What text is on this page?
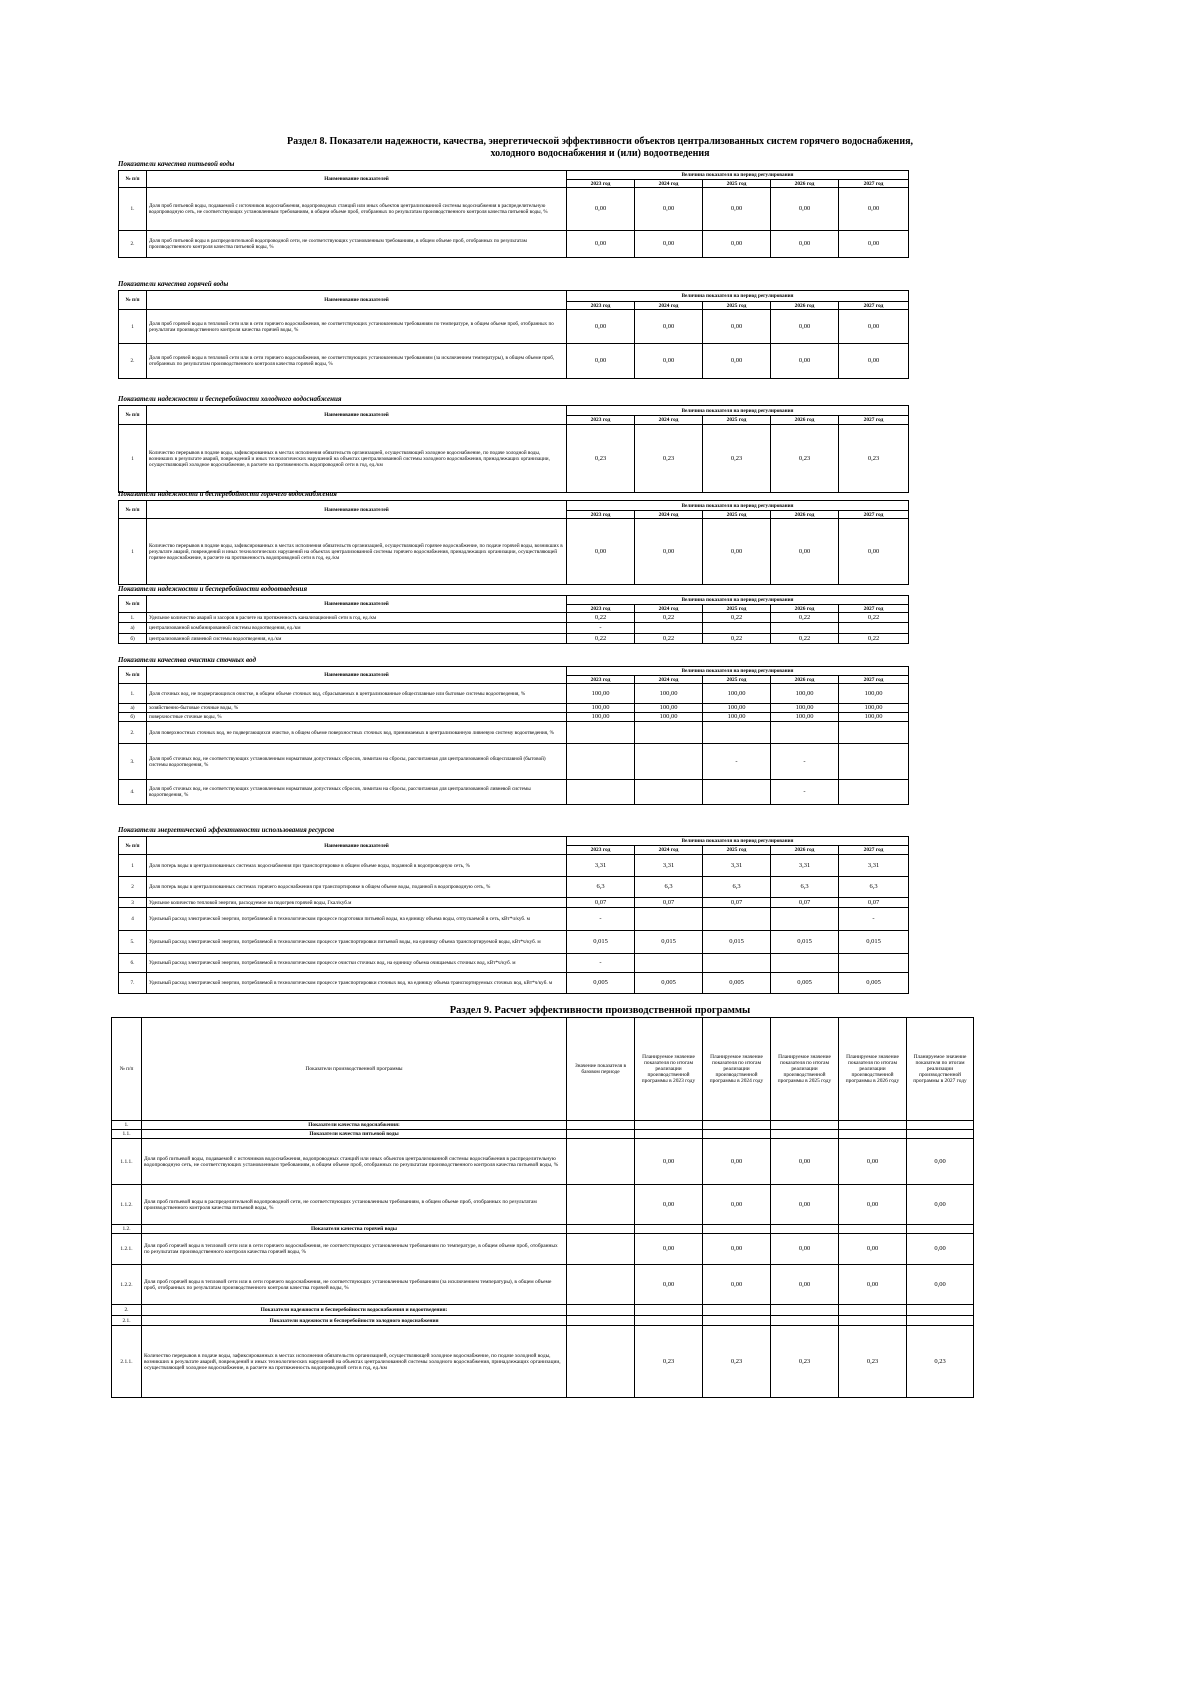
Раздел 8. Показатели надежности, качества, энергетической эффективности объектов централизованных систем горячего водоснабжения,
холодного водоснабжения и (или) водоотведения
Показатели качества питьевой воды
№ п/п	Наименование показателей	Величина показателя на период регулирования				
		2023 год	2024 год	2025 год	2026 год	2027 год
1.	Доля проб питьевой воды, подаваемой с источников водоснабжения, водопроводных станций или иных объектов централизованной системы водоснабжения в распределительную водопроводную сеть, не соответствующих установленным требованиям, в общем объеме проб, отобранных по результатам производственного контроля качества питьевой воды, %	0,00	0,00	0,00	0,00	0,00
2.	Доля проб питьевой воды в распределительной водопроводной сети, не соответствующих установленным требованиям, в общем объеме проб, отобранных по результатам производственного контроля качества питьевой воды, %	0,00	0,00	0,00	0,00	0,00
Показатели качества горячей воды
№ п/п	Наименование показателей	Величина показателя на период регулирования				
		2023 год	2024 год	2025 год	2026 год	2027 год
1	Доля проб горячей воды в тепловой сети или в сети горячего водоснабжения, не соответствующих установленным требованиям по температуре, в общем объеме проб, отобранных по результатам производственного контроля качества горячей воды, %	0,00	0,00	0,00	0,00	0,00
2.	Доля проб горячей воды в тепловой сети или в сети горячего водоснабжения, не соответствующих установленным требованиям (за исключением температуры), в общем объеме проб, отобранных по результатам производственного контроля качества горячей воды, %	0,00	0,00	0,00	0,00	0,00
Показатели надежности и бесперебойности холодного водоснабжения
№ п/п	Наименование показателей	Величина показателя на период регулирования				
		2023 год	2024 год	2025 год	2026 год	2027 год
1	Количество перерывов в подаче воды, зафиксированных в местах исполнения обязательств организацией, осуществляющей холодное водоснабжение, по подаче холодной воды, возникших в результате аварий, повреждений и иных технологических нарушений на объектах централизованной системы холодного водоснабжения, принадлежащих организации, осуществляющей холодное водоснабжение, в расчете на протяженность водопроводной сети в год, ед./км	0,23	0,23	0,23	0,23	0,23
Показатели надежности и бесперебойности горячего водоснабжения
№ п/п	Наименование показателей	Величина показателя на период регулирования				
		2023 год	2024 год	2025 год	2026 год	2027 год
1	Количество перерывов в подаче воды, зафиксированных в местах исполнения обязательств организацией, осуществляющей горячее водоснабжение, по подаче горячей воды, возникших в результате аварий, повреждений и иных технологических нарушений на объектах централизованной системы горячего водоснабжения, принадлежащих организации, осуществляющей горячее водоснабжение, в расчете на протяженность водопроводной сети в год, ед./км	0,00	0,00	0,00	0,00	0,00
Показатели надежности и бесперебойности водоотведения
№ п/п	Наименование показателей	Величина показателя на период регулирования				
		2023 год	2024 год	2025 год	2026 год	2027 год
1.	Удельное количество аварий и засоров в расчете на протяженность канализационной сети в год, ед./км	0,22	0,22	0,22	0,22	0,22
а)	централизованной комбинированной системы водоотведения, ед./км	-				
б)	централизованной ливневой системы водоотведения, ед./км	0,22	0,22	0,22	0,22	0,22
Показатели качества очистки сточных вод
№ п/п	Наименование показателей	Величина показателя на период регулирования				
		2023 год	2024 год	2025 год	2026 год	2027 год
1.	Доля сточных вод, не подвергающихся очистке, в общем объеме сточных вод, сбрасываемых в централизованные общесплавные или бытовые системы водоотведения, %	100,00	100,00	100,00	100,00	100,00
а)	хозяйственно-бытовые сточные воды, %	100,00	100,00	100,00	100,00	100,00
б)	поверхностные сточные воды, %	100,00	100,00	100,00	100,00	100,00
2.	Доля поверхностных сточных вод, не подвергающихся очистке, в общем объеме поверхностных сточных вод, принимаемых в централизованную ливневую систему водоотведения, %					
3.	Доля проб сточных вод, не соответствующих установленным нормативам допустимых сбросов, лимитам на сбросы, рассчитанная для централизованной общесплавной (бытовой) системы водоотведения, %			-	-	
4.	Доля проб сточных вод, не соответствующих установленным нормативам допустимых сбросов, лимитам на сбросы, рассчитанная для централизованной ливневой системы водоотведения, %				-	
Показатели энергетической эффективности использования ресурсов
№ п/п	Наименование показателей	Величина показателя на период регулирования				
		2023 год	2024 год	2025 год	2026 год	2027 год
1	Доля потерь воды в централизованных системах водоснабжения при транспортировке в общем объеме воды, поданной в водопроводную сеть, %	3,31	3,31	3,31	3,31	3,31
2	Доля потерь воды в централизованных системах горячего водоснабжения при транспортировке в общем объеме воды, поданной в водопроводную сеть, %	6,3	6,3	6,3	6,3	6,3
3	Удельное количество тепловой энергии, расходуемое на подогрев горячей воды, Гкал/куб.м	0,07	0,07	0,07	0,07	0,07
4	Удельный расход электрической энергии, потребляемой в технологическом процессе подготовки питьевой воды, на единицу объема воды, отпускаемой в сеть, кВт*ч/куб. м	-				-
5.	Удельный расход электрической энергии, потребляемой в технологическом процессе транспортировки питьевой воды, на единицу объема транспортируемой воды, кВт*ч/куб. м	0,015	0,015	0,015	0,015	0,015
6.	Удельный расход электрической энергии, потребляемой в технологическом процессе очистки сточных вод, на единицу объема очищаемых сточных вод, кВт*ч/куб. м	-				
7.	Удельный расход электрической энергии, потребляемой в технологическом процессе транспортировки сточных вод, на единицу объема транспортируемых сточных вод, кВт*ч/куб. м	0,005	0,005	0,005	0,005	0,005
Раздел 9. Расчет эффективности производственной программы
№ п/п	Показатели производственной программы	Значение показателя в базовом периоде	Планируемое значение показателя по итогам реализации производственной программы в 2023 году	Планируемое значение показателя по итогам реализации производственной программы в 2024 году	Планируемое значение показателя по итогам реализации производственной программы в 2025 году	Планируемое значение показателя по итогам реализации производственной программы в 2026 году	Планируемое значение показателя по итогам реализации производственной программы в 2027 году
1.	Показатели качества водоснабжения:						
1.1.	Показатели качества питьевой воды						
1.1.1.	Доля проб питьевой воды, подаваемой с источников водоснабжения, водопроводных станций или иных объектов централизованной системы водоснабжения в распределительную водопроводную сеть, не соответствующих установленным требованиям, в общем объеме проб, отобранных по результатам производственного контроля качества питьевой воды, %		0,00	0,00	0,00	0,00	0,00
1.1.2.	Доля проб питьевой воды в распределительной водопроводной сети, не соответствующих установленным требованиям, в общем объеме проб, отобранных по результатам производственного контроля качества питьевой воды, %		0,00	0,00	0,00	0,00	0,00
1.2.	Показатели качества горячей воды						
1.2.1.	Доля проб горячей воды в тепловой сети или в сети горячего водоснабжения, не соответствующих установленным требованиям по температуре, в общем объеме проб, отобранных по результатам производственного контроля качества горячей воды, %		0,00	0,00	0,00	0,00	0,00
1.2.2.	Доля проб горячей воды в тепловой сети или в сети горячего водоснабжения, не соответствующих установленным требованиям (за исключением температуры), в общем объеме проб, отобранных по результатам производственного контроля качества горячей воды, %		0,00	0,00	0,00	0,00	0,00
2.	Показатели надежности и бесперебойности водоснабжения и водоотведения:						
2.1.	Показатели надежности и бесперебойности холодного водоснабжения						
2.1.1.	Количество перерывов в подаче воды, зафиксированных в местах исполнения обязательств организацией, осуществляющей холодное водоснабжение, по подаче холодной воды, возникших в результате аварий, повреждений и иных технологических нарушений на объектах централизованной системы холодного водоснабжения, принадлежащих организации, осуществляющей холодное водоснабжение, в расчете на протяженность водопроводной сети в год, ед./км		0,23	0,23	0,23	0,23	0,23
